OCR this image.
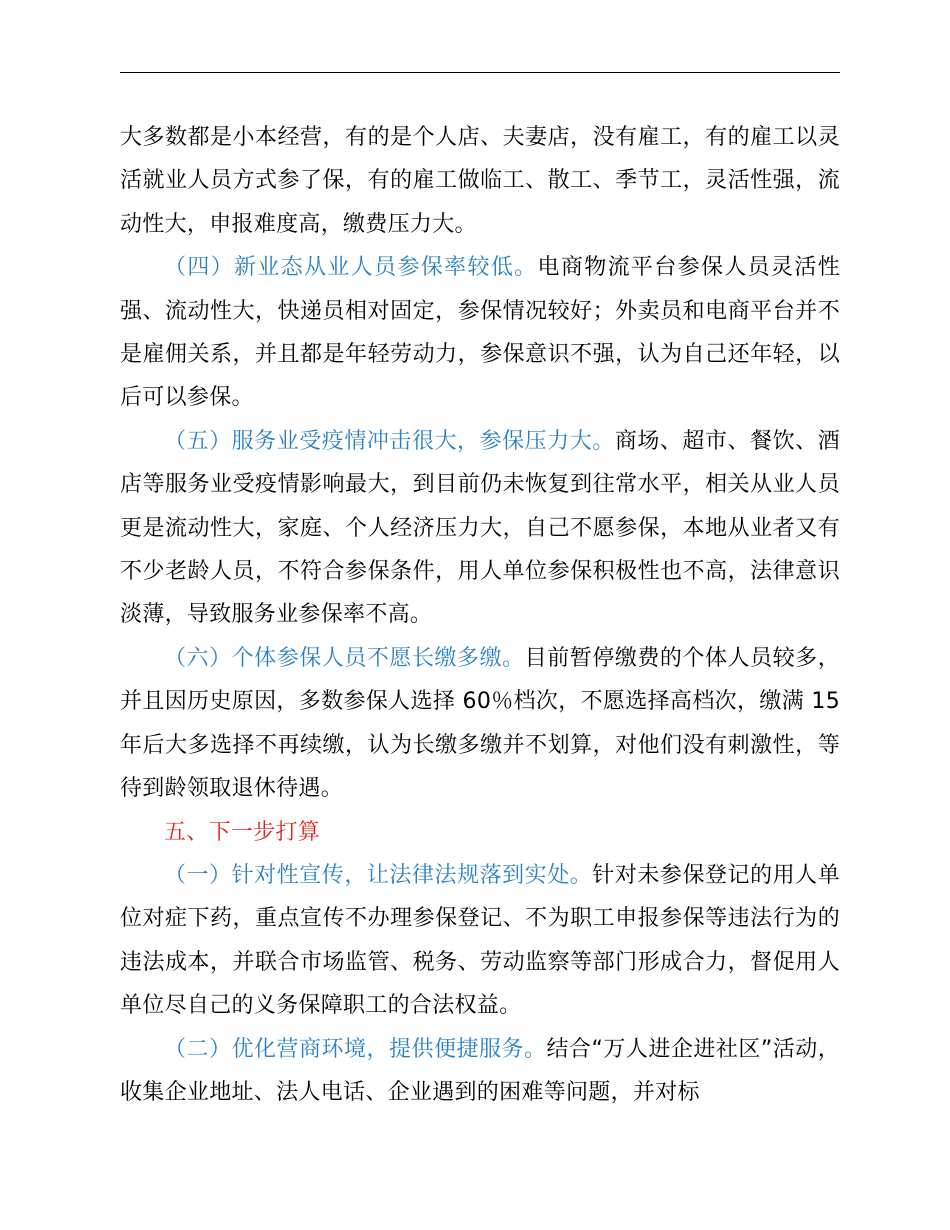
大多数都是小本经营，有的是个人店、夫妻店，没有雇工，有的雇工以灵活就业人员方式参了保，有的雇工做临工、散工、季节工，灵活性强，流动性大，申报难度高，缴费压力大。

（四）新业态从业人员参保率较低。电商物流平台参保人员灵活性强、流动性大，快递员相对固定，参保情况较好；外卖员和电商平台并不是雇佣关系，并且都是年轻劳动力，参保意识不强，认为自己还年轻，以后可以参保。

（五）服务业受疫情冲击很大，参保压力大。商场、超市、餐饮、酒店等服务业受疫情影响最大，到目前仍未恢复到往常水平，相关从业人员更是流动性大，家庭、个人经济压力大，自己不愿参保，本地从业者又有不少老龄人员，不符合参保条件，用人单位参保积极性也不高，法律意识淡薄，导致服务业参保率不高。

（六）个体参保人员不愿长缴多缴。目前暂停缴费的个体人员较多，并且因历史原因，多数参保人选择 60％档次，不愿选择高档次，缴满 15 年后大多选择不再续缴，认为长缴多缴并不划算，对他们没有刺激性，等待到龄领取退休待遇。

五、下一步打算

（一）针对性宣传，让法律法规落到实处。针对未参保登记的用人单位对症下药，重点宣传不办理参保登记、不为职工申报参保等违法行为的违法成本，并联合市场监管、税务、劳动监察等部门形成合力，督促用人单位尽自己的义务保障职工的合法权益。

（二）优化营商环境，提供便捷服务。结合“万人进企进社区”活动，收集企业地址、法人电话、企业遇到的困难等问题，并对标
